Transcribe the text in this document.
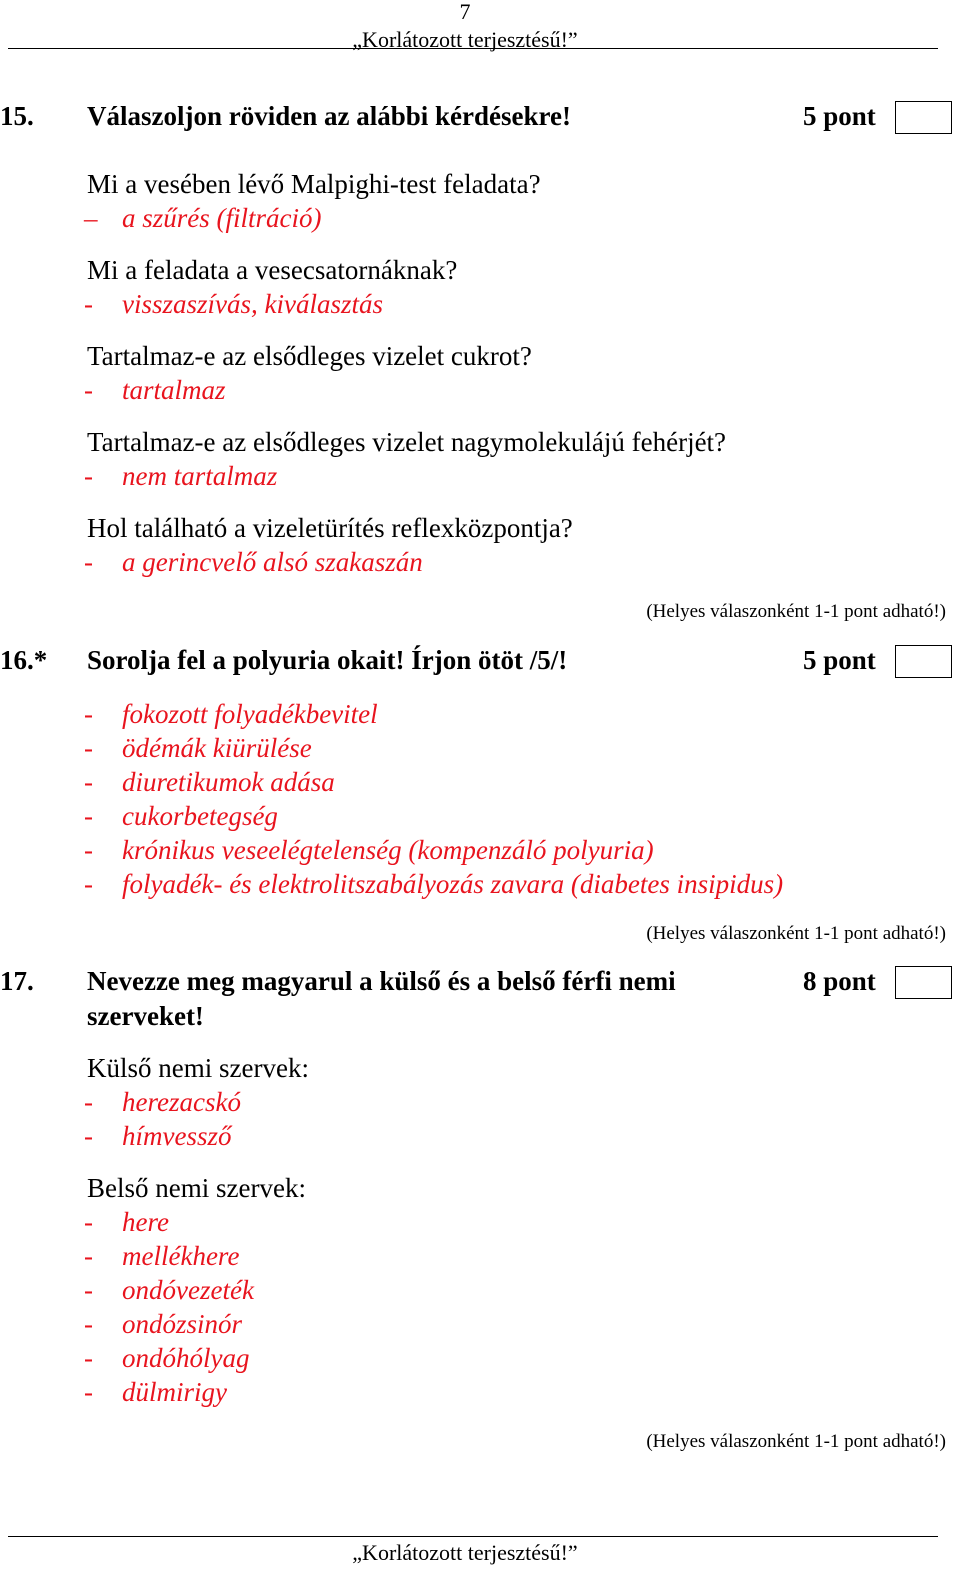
7
„Korlátozott terjesztésű!”
15. Válaszoljon röviden az alábbi kérdésekre!	5 pont
Mi a vesében lévő Malpighi-test feladata?
– a szűrés (filtráció)
Mi a feladata a vesecsatornáknak?
- visszaszívás, kiválasztás
Tartalmaz-e az elsődleges vizelet cukrot?
- tartalmaz
Tartalmaz-e az elsődleges vizelet nagymolekulájú fehérjét?
- nem tartalmaz
Hol található a vizeletürítés reflexközpontja?
- a gerincvelő alsó szakaszán
(Helyes válaszonként 1-1 pont adható!)
16.* Sorolja fel a polyuria okait! Írjon ötöt /5/!	5 pont
- fokozott folyadékbevitel
- ödémák kiürülése
- diuretikumok adása
- cukorbetegség
- krónikus veseelégtelenség (kompenzáló polyuria)
- folyadék- és elektrolitszabályozás zavara (diabetes insipidus)
(Helyes válaszonként 1-1 pont adható!)
17. Nevezze meg magyarul a külső és a belső férfi nemi
szerveket!
8 pont
Külső nemi szervek:
- herezacskó
- hímvessző
Belső nemi szervek:
- here
- mellékhere
- ondóvezeték
- ondózsinór
- ondóhólyag
- dülmirigy
(Helyes válaszonként 1-1 pont adható!)
„Korlátozott terjesztésű!”
